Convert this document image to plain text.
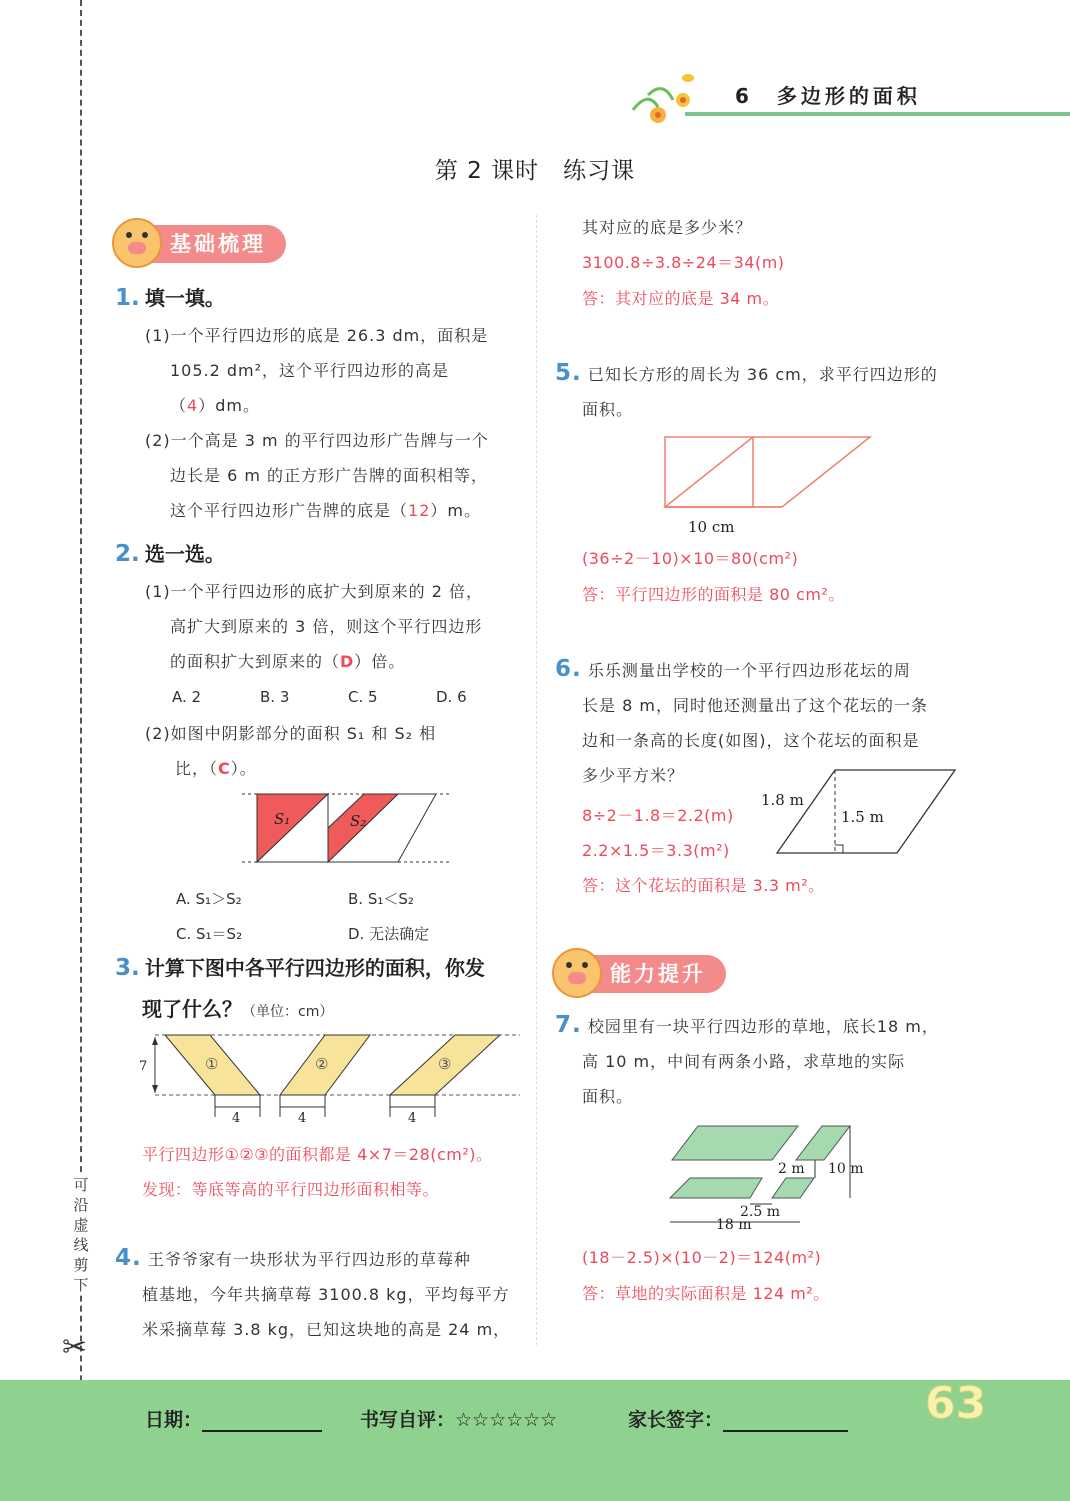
可沿虚线剪下
✂
6　多边形的面积
第 2 课时　练习课
基础梳理
1. 填一填。
(1)一个平行四边形的底是 26.3 dm，面积是
105.2 dm²，这个平行四边形的高是
（4）dm。
(2)一个高是 3 m 的平行四边形广告牌与一个
边长是 6 m 的正方形广告牌的面积相等，
这个平行四边形广告牌的底是（12）m。
2. 选一选。
(1)一个平行四边形的底扩大到原来的 2 倍，
高扩大到原来的 3 倍，则这个平行四边形
的面积扩大到原来的（D）倍。
A. 2	B. 3	C. 5	D. 6
(2)如图中阴影部分的面积 S₁ 和 S₂ 相
比，（C）。
S₁	S₂
A. S₁＞S₂	B. S₁＜S₂
C. S₁＝S₂	D. 无法确定
3. 计算下图中各平行四边形的面积，你发
现了什么？（单位：cm）
7	①	②	③
4	4	4
平行四边形①②③的面积都是 4×7＝28(cm²)。
发现：等底等高的平行四边形面积相等。
4. 王爷爷家有一块形状为平行四边形的草莓种
植基地，今年共摘草莓 3100.8 kg，平均每平方
米采摘草莓 3.8 kg，已知这块地的高是 24 m，
其对应的底是多少米？
3100.8÷3.8÷24＝34(m)
答：其对应的底是 34 m。
5. 已知长方形的周长为 36 cm，求平行四边形的
面积。
10 cm
(36÷2－10)×10＝80(cm²)
答：平行四边形的面积是 80 cm²。
6. 乐乐测量出学校的一个平行四边形花坛的周
长是 8 m，同时他还测量出了这个花坛的一条
边和一条高的长度(如图)，这个花坛的面积是
多少平方米？
1.8 m
1.5 m
8÷2－1.8＝2.2(m)
2.2×1.5＝3.3(m²)
答：这个花坛的面积是 3.3 m²。
能力提升
7. 校园里有一块平行四边形的草地，底长18 m，
高 10 m，中间有两条小路，求草地的实际
面积。
2 m 10 m
2.5 m
18 m
(18－2.5)×(10－2)＝124(m²)
答：草地的实际面积是 124 m²。
日期：	书写自评：☆☆☆☆☆☆	家长签字：	63
